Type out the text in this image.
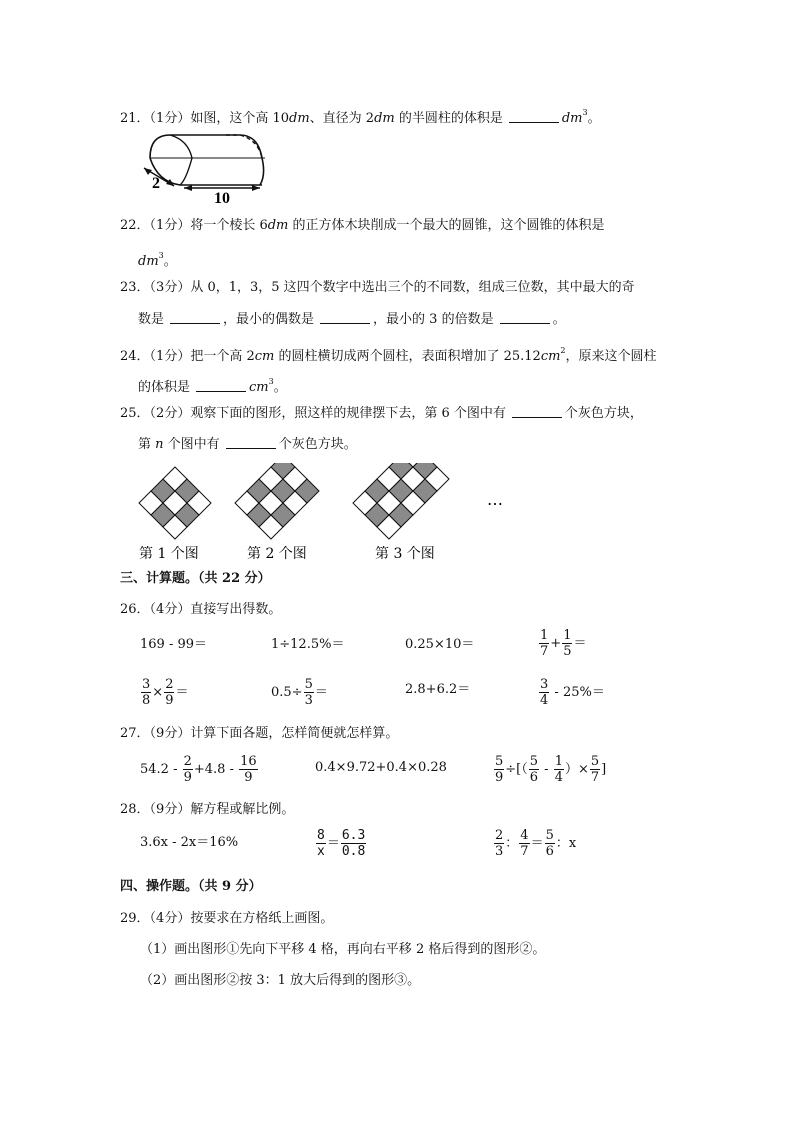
21．（1分）如图，这个高 10dm、直径为 2dm 的半圆柱的体积是	$dm^3$。
2
10
22．（1分）将一个棱长 6dm 的正方体木块削成一个最大的圆锥，这个圆锥的体积是
$dm^3$。
23．（3分）从 0，1，3，5 这四个数字中选出三个的不同数，组成三位数，其中最大的奇
数是	，最小的偶数是	，最小的 3 的倍数是	。
24．（1分）把一个高 2cm 的圆柱横切成两个圆柱，表面积增加了 $25.12cm^2$，原来这个圆柱
的体积是	$cm^3$。
25．（2分）观察下面的图形，照这样的规律摆下去，第 6 个图中有	个灰色方块，
第 n 个图中有	个灰色方块。
第 1 个图	第 2 个图	第 3 个图
…
三、计算题。（共 22 分）
26．（4分）直接写出得数。
169 - 99＝	1÷12.5%＝	0.25×10＝	$\frac{1}{7} + \frac{1}{5}$ ＝
$\frac{3}{8} \times \frac{2}{9}$ ＝	$0.5\div \frac{5}{3}$ ＝	2.8+6.2＝	$\frac{3}{4} - 25\%=$
27．（9分）计算下面各题，怎样简便就怎样算。
$54.2 - \frac{2}{9} +4.8 - \frac{16}{9}$	0.4×9.72+0.4×0.28	$\frac{5}{9}$ ÷[（ $\frac{5}{6} - \frac{1}{4}$ ）× $\frac{5}{7}$ ]
28．（9分）解方程或解比例。
3.6x - 2x＝16%	$\frac{8}{x} = \frac{6.3}{0.8}$	$\frac{2}{3}$ ： $\frac{4}{7} = \frac{5}{6}$ ：x
四、操作题。（共 9 分）
29．（4分）按要求在方格纸上画图。
（1）画出图形①先向下平移 4 格，再向右平移 2 格后得到的图形②。
（2）画出图形②按 3：1 放大后得到的图形③。
